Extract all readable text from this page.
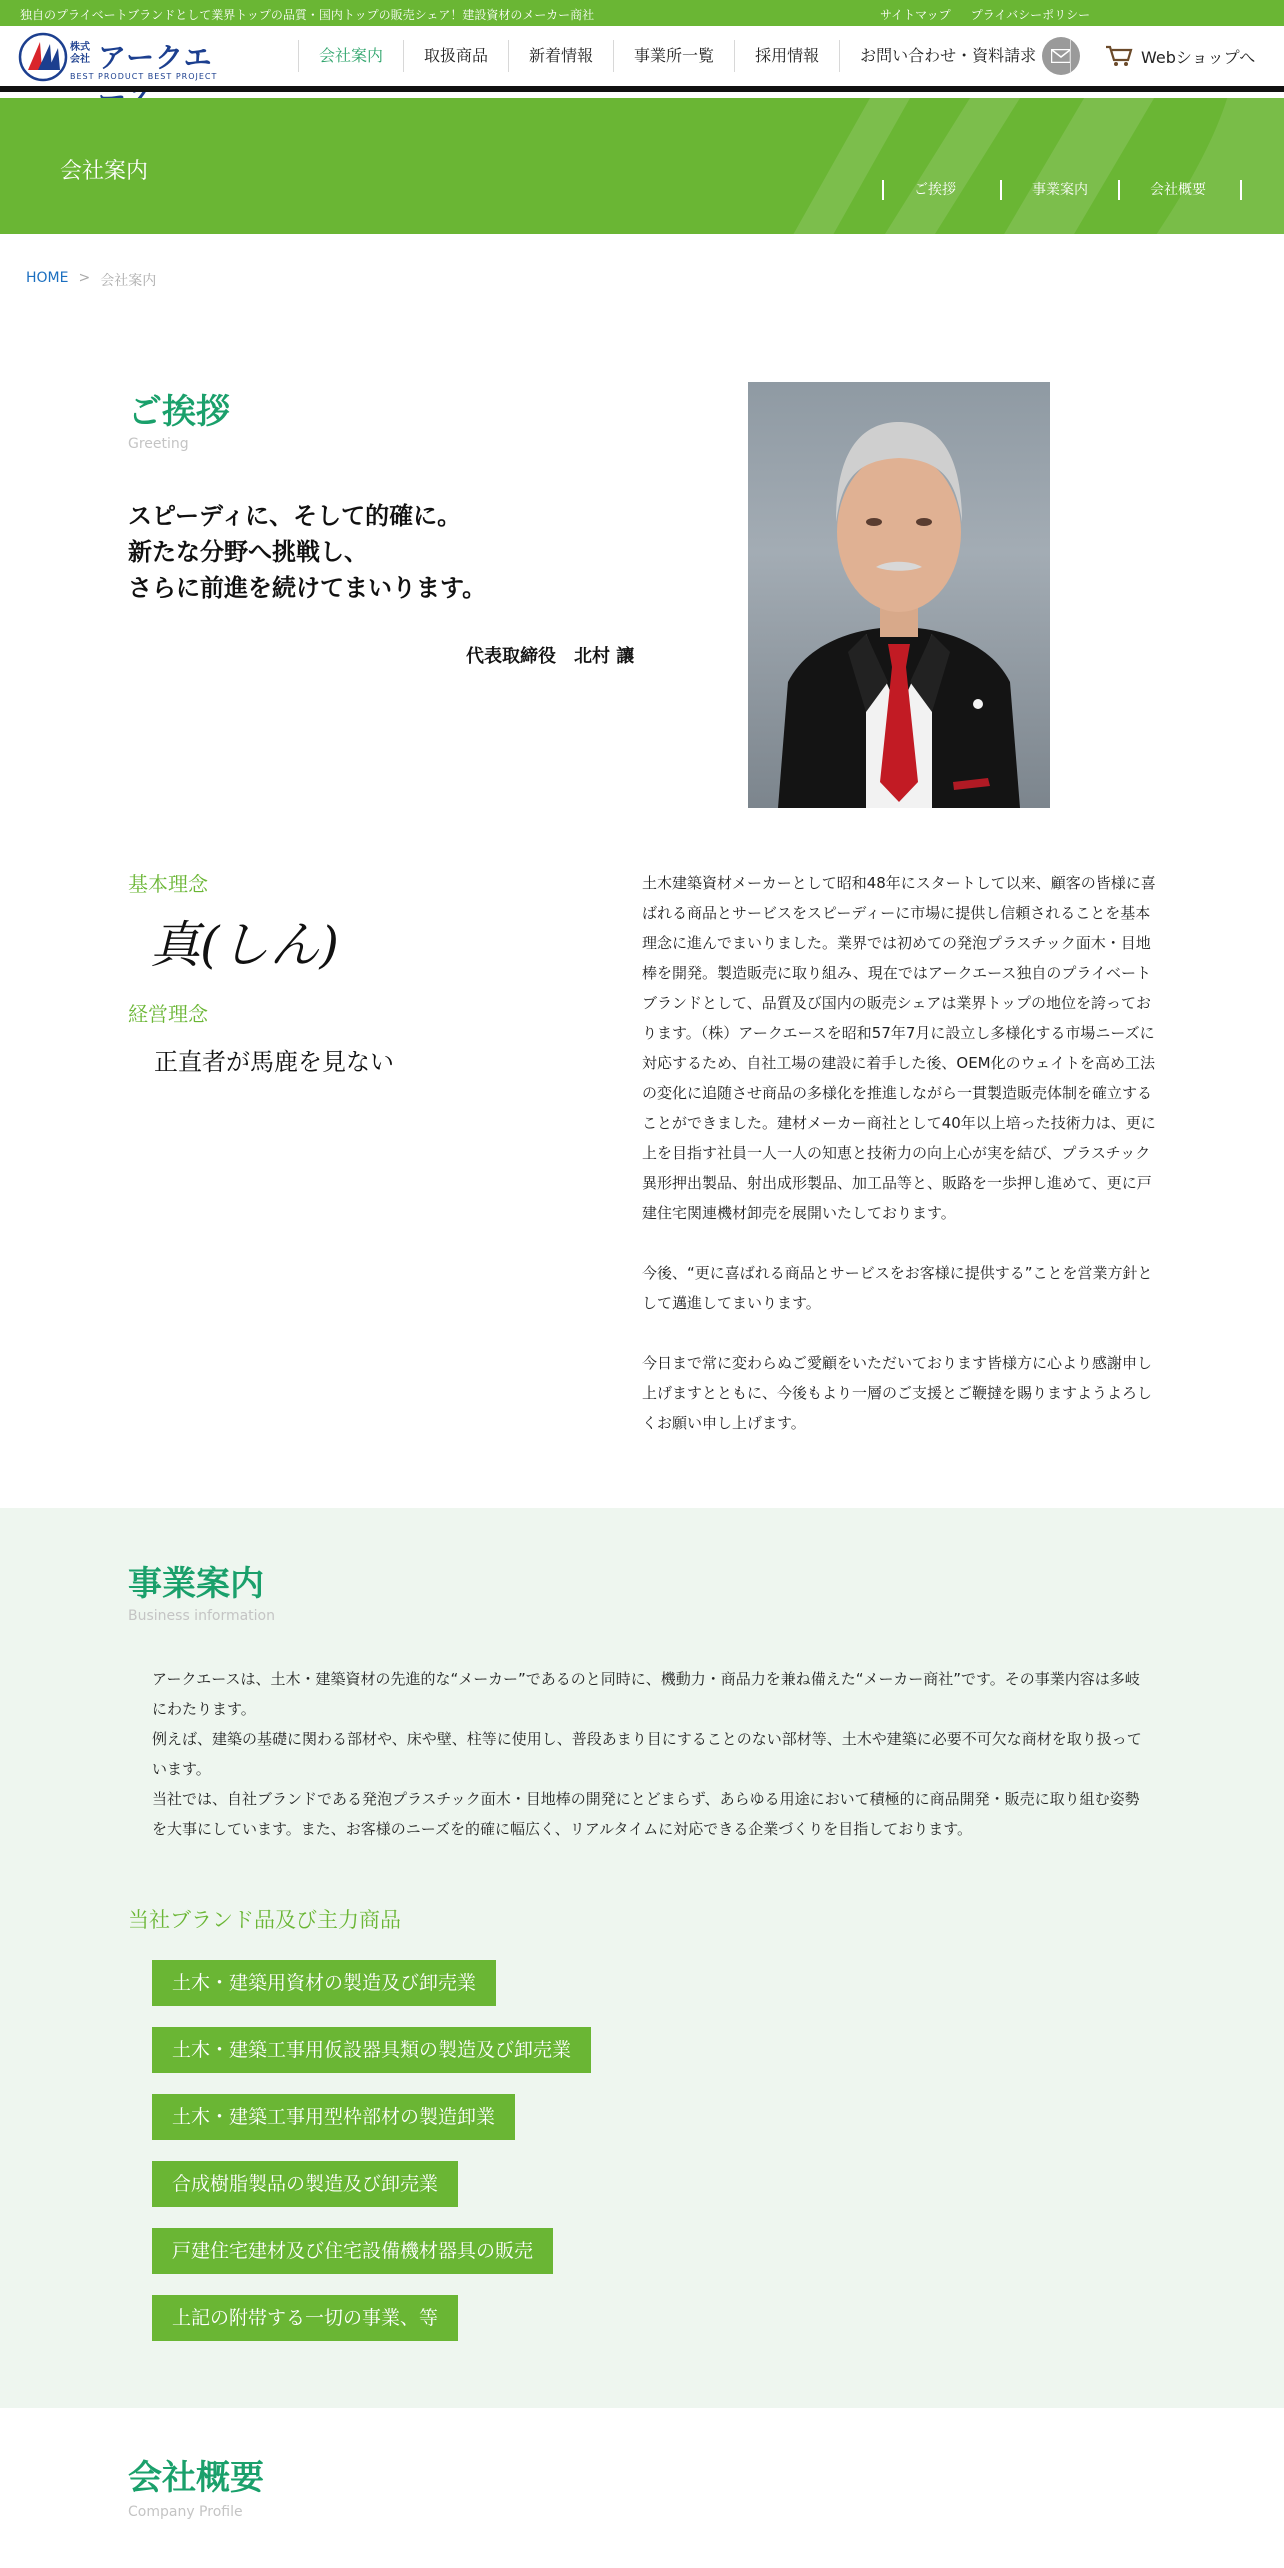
独自のプライベートブランドとして業界トップの品質・国内トップの販売シェア！建設資材のメーカー商社	サイトマップ プライバシーポリシー
株式
会社 アークエ
BEST PRODUCT BEST PROJECT
会社案内	取扱商品	新着情報	事業所一覧	採用情報	お問い合わせ・資料請求	Webショップへ
会社案内
ご挨拶	事業案内	会社概要
HOME > 会社案内
ご挨拶
Greeting
スピーディに、そして的確に。
新たな分野へ挑戦し、
さらに前進を続けてまいります。
代表取締役　北村 讓
基本理念
真(しん)
経営理念
正直者が馬鹿を見ない

土木建築資材メーカーとして昭和48年にスタートして以来、顧客の皆様に喜ばれる商品とサービスをスピーディーに市場に提供し信頼されることを基本理念に進んでまいりました。業界では初めての発泡プラスチック面木・目地棒を開発。製造販売に取り組み、現在ではアークエース独自のプライベートブランドとして、品質及び国内の販売シェアは業界トップの地位を誇っております。（株）アークエースを昭和57年7月に設立し多様化する市場ニーズに対応するため、自社工場の建設に着手した後、OEM化のウェイトを高め工法の変化に追随させ商品の多様化を推進しながら一貫製造販売体制を確立することができました。建材メーカー商社として40年以上培った技術力は、更に上を目指す社員一人一人の知恵と技術力の向上心が実を結び、プラスチック異形押出製品、射出成形製品、加工品等と、販路を一歩押し進めて、更に戸建住宅関連機材卸売を展開いたしております。

今後、“更に喜ばれる商品とサービスをお客様に提供する”ことを営業方針として邁進してまいります。

今日まで常に変わらぬご愛顧をいただいております皆様方に心より感謝申し上げますとともに、今後もより一層のご支援とご鞭撻を賜りますようよろしくお願い申し上げます。

事業案内
Business information
アークエースは、土木・建築資材の先進的な“メーカー”であるのと同時に、機動力・商品力を兼ね備えた“メーカー商社”です。その事業内容は多岐にわたります。
例えば、建築の基礎に関わる部材や、床や壁、柱等に使用し、普段あまり目にすることのない部材等、土木や建築に必要不可欠な商材を取り扱っています。
当社では、自社ブランドである発泡プラスチック面木・目地棒の開発にとどまらず、あらゆる用途において積極的に商品開発・販売に取り組む姿勢を大事にしています。また、お客様のニーズを的確に幅広く、リアルタイムに対応できる企業づくりを目指しております。
当社ブランド品及び主力商品
土木・建築用資材の製造及び卸売業
土木・建築工事用仮設器具類の製造及び卸売業
土木・建築工事用型枠部材の製造卸業
合成樹脂製品の製造及び卸売業
戸建住宅建材及び住宅設備機材器具の販売
上記の附帯する一切の事業、等
会社概要
Company Profile
